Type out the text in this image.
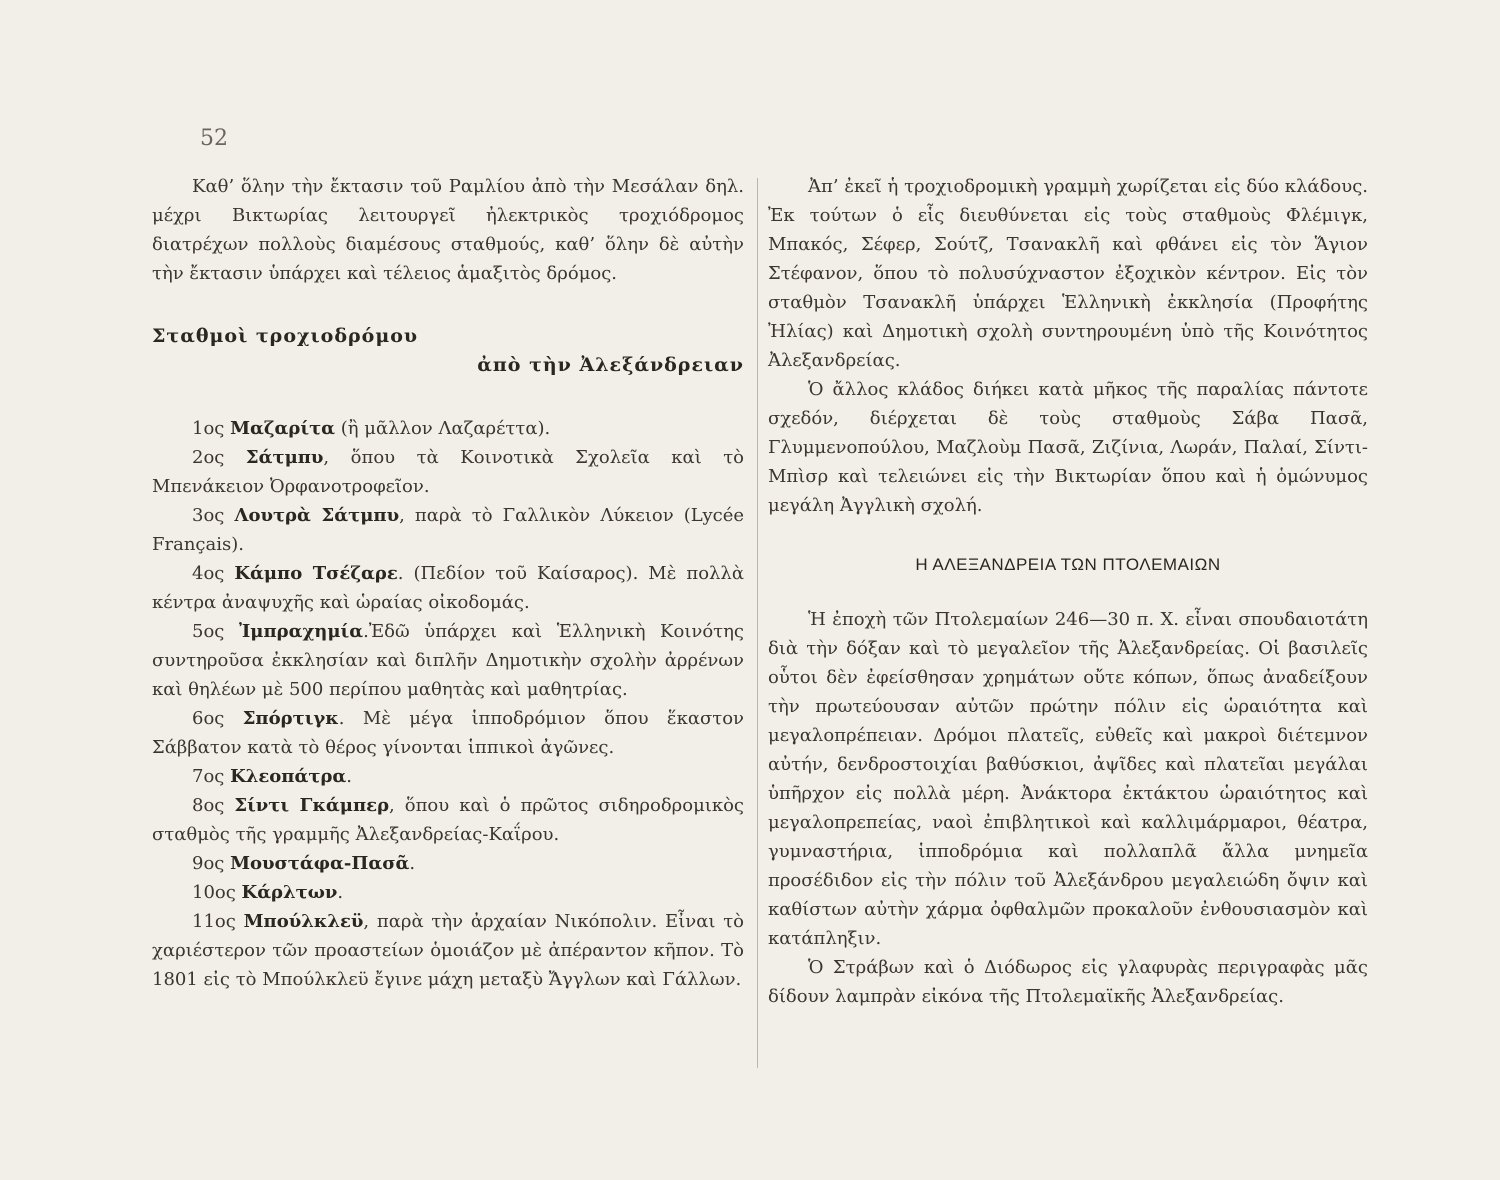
52

Καθ’ ὅλην τὴν ἔκτασιν τοῦ Ραμλίου ἀπὸ τὴν Μεσάλαν δηλ. μέχρι Βικτωρίας λειτουργεῖ ἠλεκτρικὸς τροχιόδρομος διατρέχων πολλοὺς διαμέσους σταθμούς, καθ’ ὅλην δὲ αὐτὴν τὴν ἔκτασιν ὑπάρχει καὶ τέλειος ἁμαξιτὸς δρόμος.

Σταθμοὶ τροχιοδρόμου

ἀπὸ τὴν Ἀλεξάνδρειαν

1ος Μαζαρίτα (ἢ μᾶλλον Λαζαρέττα).

2ος Σάτμπυ, ὅπου τὰ Κοινοτικὰ Σχολεῖα καὶ τὸ Μπενάκειον Ὀρφανοτροφεῖον.

3ος Λουτρὰ Σάτμπυ, παρὰ τὸ Γαλλικὸν Λύκειον (Lycée Français).

4ος Κάμπο Τσέζαρε. (Πεδίον τοῦ Καίσαρος). Μὲ πολλὰ κέντρα ἀναψυχῆς καὶ ὡραίας οἰκοδομάς.

5ος Ἰμπραχημία.Ἐδῶ ὑπάρχει καὶ Ἑλληνικὴ Κοινότης συντηροῦσα ἐκκλησίαν καὶ διπλῆν Δημοτικὴν σχολὴν ἀρρένων καὶ θηλέων μὲ 500 περίπου μαθητὰς καὶ μαθητρίας.

6ος Σπόρτιγκ. Μὲ μέγα ἱπποδρόμιον ὅπου ἕκαστον Σάββατον κατὰ τὸ θέρος γίνονται ἱππικοὶ ἀγῶνες.

7ος Κλεοπάτρα.

8ος Σίντι Γκάμπερ, ὅπου καὶ ὁ πρῶτος σιδηροδρομικὸς σταθμὸς τῆς γραμμῆς Ἀλεξανδρείας-Καΐρου.

9ος Μουστάφα-Πασᾶ.

10ος Κάρλτων.

11ος Μπούλκλεϋ, παρὰ τὴν ἀρχαίαν Νικόπολιν. Εἶναι τὸ χαριέστερον τῶν προαστείων ὁμοιάζον μὲ ἀπέραντον κῆπον. Τὸ 1801 εἰς τὸ Μπούλκλεϋ ἔγινε μάχη μεταξὺ Ἄγγλων καὶ Γάλλων.

Ἀπ’ ἐκεῖ ἡ τροχιοδρομικὴ γραμμὴ χωρίζεται εἰς δύο κλάδους. Ἐκ τούτων ὁ εἷς διευθύνεται εἰς τοὺς σταθμοὺς Φλέμιγκ, Μπακός, Σέφερ, Σούτζ, Τσανακλῆ καὶ φθάνει εἰς τὸν Ἅγιον Στέφανον, ὅπου τὸ πολυσύχναστον ἐξοχικὸν κέντρον. Εἰς τὸν σταθμὸν Τσανακλῆ ὑπάρχει Ἑλληνικὴ ἐκκλησία (Προφήτης Ἠλίας) καὶ Δημοτικὴ σχολὴ συντηρουμένη ὑπὸ τῆς Κοινότητος Ἀλεξανδρείας.

Ὁ ἄλλος κλάδος διήκει κατὰ μῆκος τῆς παραλίας πάντοτε σχεδόν, διέρχεται δὲ τοὺς σταθμοὺς Σάβα Πασᾶ, Γλυμμενοπούλου, Μαζλοὺμ Πασᾶ, Ζιζίνια, Λωράν, Παλαί, Σίντι-Μπὶσρ καὶ τελειώνει εἰς τὴν Βικτωρίαν ὅπου καὶ ἡ ὁμώνυμος μεγάλη Ἀγγλικὴ σχολή.

Η ΑΛΕΞΑΝΔΡΕΙΑ ΤΩΝ ΠΤΟΛΕΜΑΙΩΝ

Ἡ ἐποχὴ τῶν Πτολεμαίων 246—30 π. Χ. εἶναι σπουδαιοτάτη διὰ τὴν δόξαν καὶ τὸ μεγαλεῖον τῆς Ἀλεξανδρείας. Οἱ βασιλεῖς οὗτοι δὲν ἐφείσθησαν χρημάτων οὔτε κόπων, ὅπως ἀναδείξουν τὴν πρωτεύουσαν αὐτῶν πρώτην πόλιν εἰς ὡραιότητα καὶ μεγαλοπρέπειαν. Δρόμοι πλατεῖς, εὐθεῖς καὶ μακροὶ διέτεμνον αὐτήν, δενδροστοιχίαι βαθύσκιοι, ἀψῖδες καὶ πλατεῖαι μεγάλαι ὑπῆρχον εἰς πολλὰ μέρη. Ἀνάκτορα ἐκτάκτου ὡραιότητος καὶ μεγαλοπρεπείας, ναοὶ ἐπιβλητικοὶ καὶ καλλιμάρμαροι, θέατρα, γυμναστήρια, ἱπποδρόμια καὶ πολλαπλᾶ ἄλλα μνημεῖα προσέδιδον εἰς τὴν πόλιν τοῦ Ἀλεξάνδρου μεγαλειώδη ὄψιν καὶ καθίστων αὐτὴν χάρμα ὀφθαλμῶν προκαλοῦν ἐνθουσιασμὸν καὶ κατάπληξιν.

Ὁ Στράβων καὶ ὁ Διόδωρος εἰς γλαφυρὰς περιγραφὰς μᾶς δίδουν λαμπρὰν εἰκόνα τῆς Πτολεμαϊκῆς Ἀλεξανδρείας.
